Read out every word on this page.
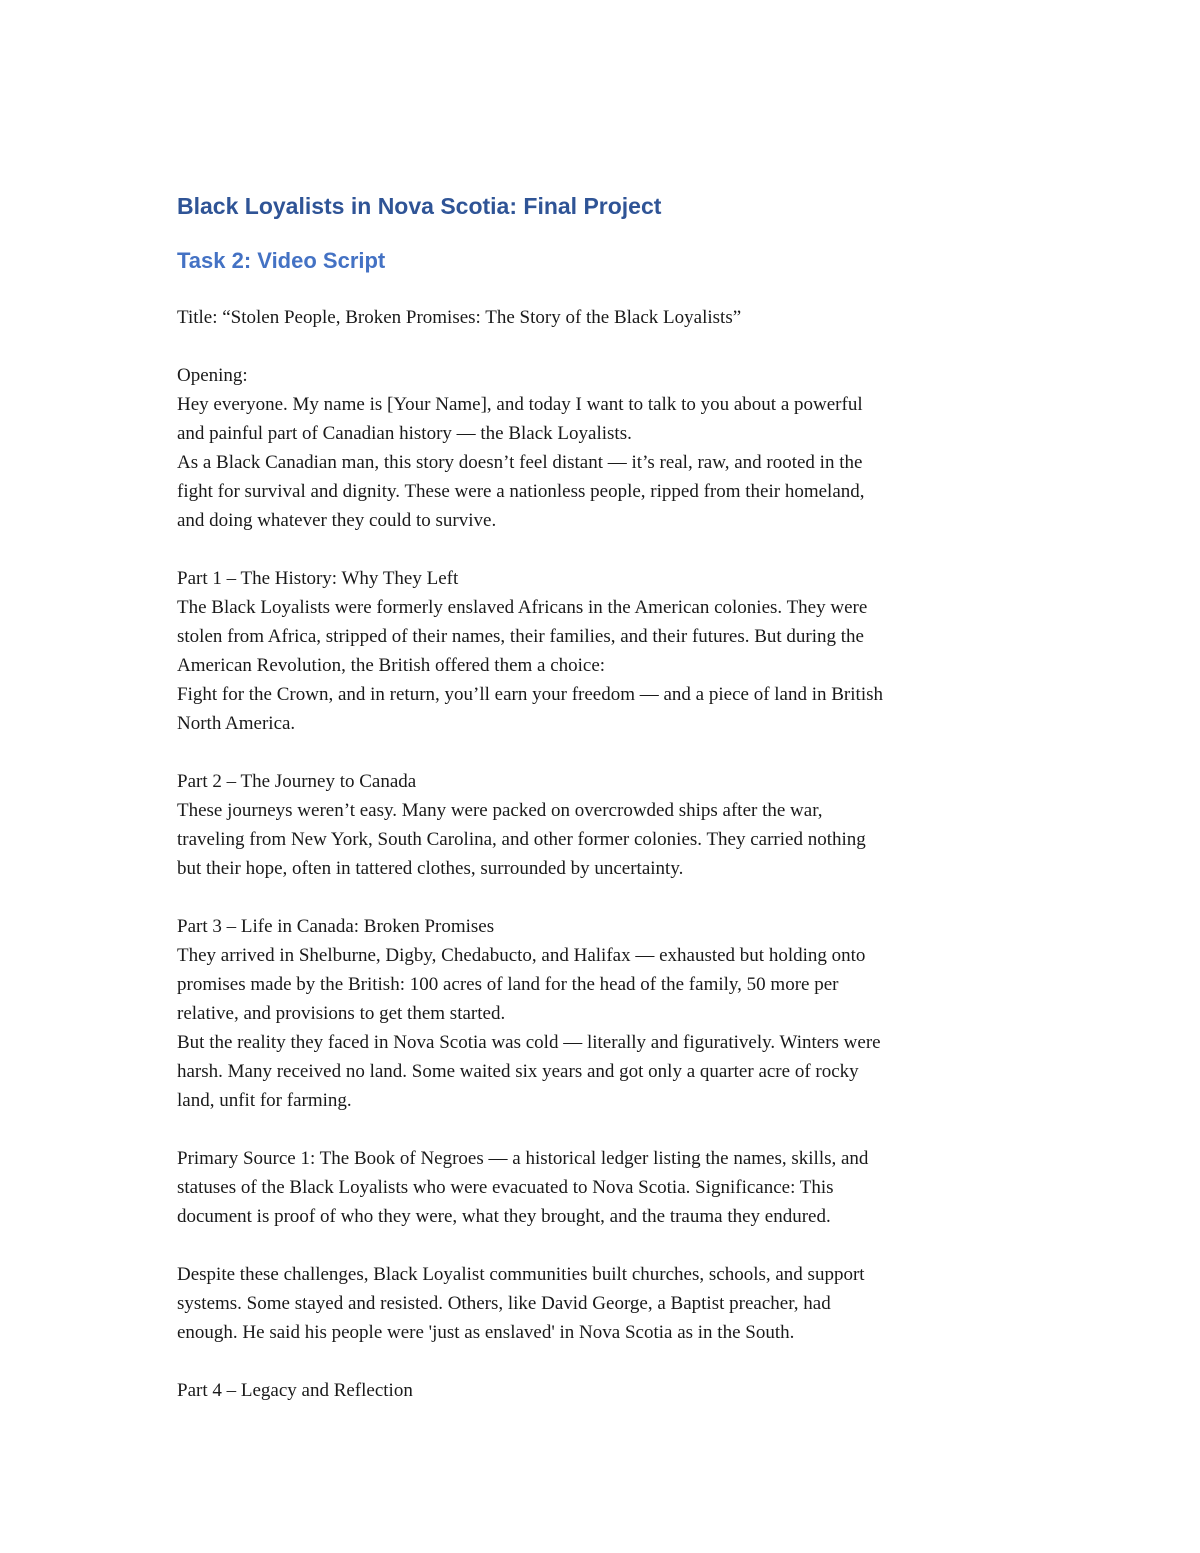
Black Loyalists in Nova Scotia: Final Project
Task 2: Video Script
Title: “Stolen People, Broken Promises: The Story of the Black Loyalists”
Opening:
Hey everyone. My name is [Your Name], and today I want to talk to you about a powerful
and painful part of Canadian history — the Black Loyalists.
As a Black Canadian man, this story doesn’t feel distant — it’s real, raw, and rooted in the
fight for survival and dignity. These were a nationless people, ripped from their homeland,
and doing whatever they could to survive.
Part 1 – The History: Why They Left
The Black Loyalists were formerly enslaved Africans in the American colonies. They were
stolen from Africa, stripped of their names, their families, and their futures. But during the
American Revolution, the British offered them a choice:
Fight for the Crown, and in return, you’ll earn your freedom — and a piece of land in British
North America.
Part 2 – The Journey to Canada
These journeys weren’t easy. Many were packed on overcrowded ships after the war,
traveling from New York, South Carolina, and other former colonies. They carried nothing
but their hope, often in tattered clothes, surrounded by uncertainty.
Part 3 – Life in Canada: Broken Promises
They arrived in Shelburne, Digby, Chedabucto, and Halifax — exhausted but holding onto
promises made by the British: 100 acres of land for the head of the family, 50 more per
relative, and provisions to get them started.
But the reality they faced in Nova Scotia was cold — literally and figuratively. Winters were
harsh. Many received no land. Some waited six years and got only a quarter acre of rocky
land, unfit for farming.
Primary Source 1: The Book of Negroes — a historical ledger listing the names, skills, and
statuses of the Black Loyalists who were evacuated to Nova Scotia. Significance: This
document is proof of who they were, what they brought, and the trauma they endured.
Despite these challenges, Black Loyalist communities built churches, schools, and support
systems. Some stayed and resisted. Others, like David George, a Baptist preacher, had
enough. He said his people were 'just as enslaved' in Nova Scotia as in the South.
Part 4 – Legacy and Reflection
